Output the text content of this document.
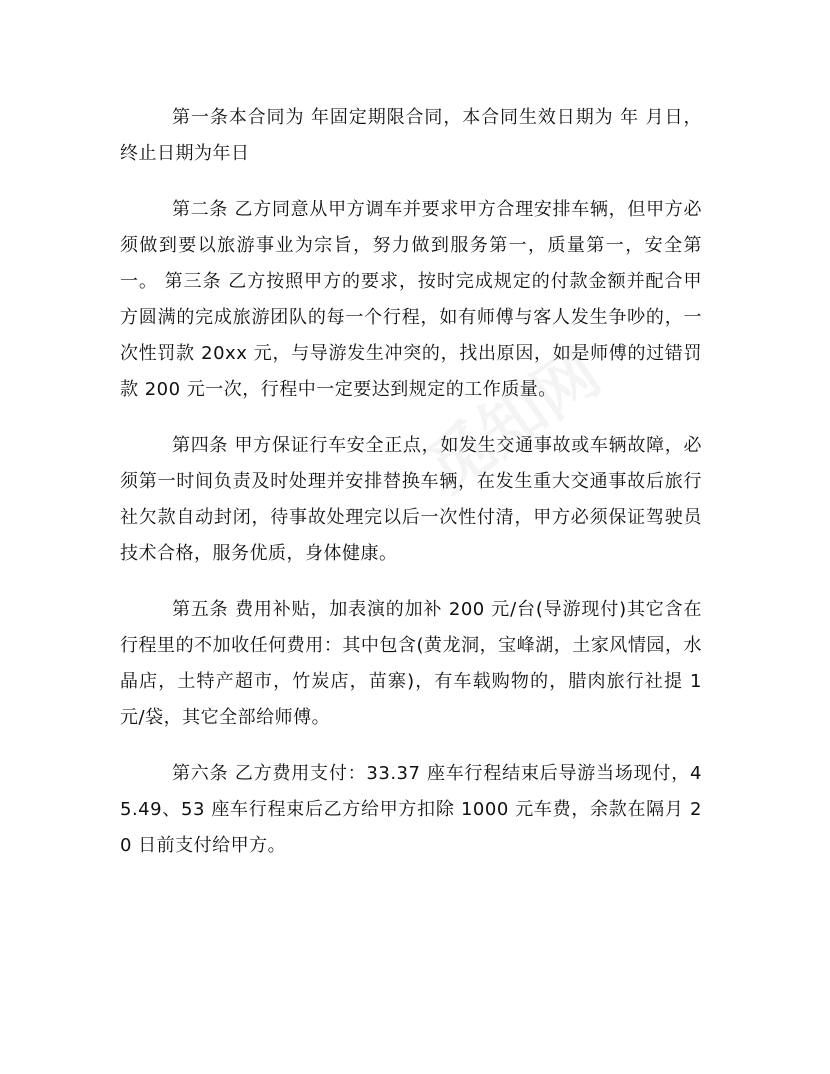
第一条本合同为 年固定期限合同，本合同生效日期为 年 月日，终止日期为年日

第二条 乙方同意从甲方调车并要求甲方合理安排车辆，但甲方必须做到要以旅游事业为宗旨，努力做到服务第一，质量第一，安全第一。 第三条 乙方按照甲方的要求，按时完成规定的付款金额并配合甲方圆满的完成旅游团队的每一个行程，如有师傅与客人发生争吵的，一次性罚款 20xx 元，与导游发生冲突的，找出原因，如是师傅的过错罚款 200 元一次，行程中一定要达到规定的工作质量。

第四条 甲方保证行车安全正点，如发生交通事故或车辆故障，必须第一时间负责及时处理并安排替换车辆，在发生重大交通事故后旅行社欠款自动封闭，待事故处理完以后一次性付清，甲方必须保证驾驶员技术合格，服务优质，身体健康。

第五条 费用补贴，加表演的加补 200 元/台(导游现付)其它含在行程里的不加收任何费用：其中包含(黄龙洞，宝峰湖，土家风情园，水晶店，土特产超市，竹炭店，苗寨)，有车载购物的，腊肉旅行社提 1 元/袋，其它全部给师傅。

第六条 乙方费用支付：33.37 座车行程结束后导游当场现付，45.49、53 座车行程束后乙方给甲方扣除 1000 元车费，余款在隔月 20 日前支付给甲方。
